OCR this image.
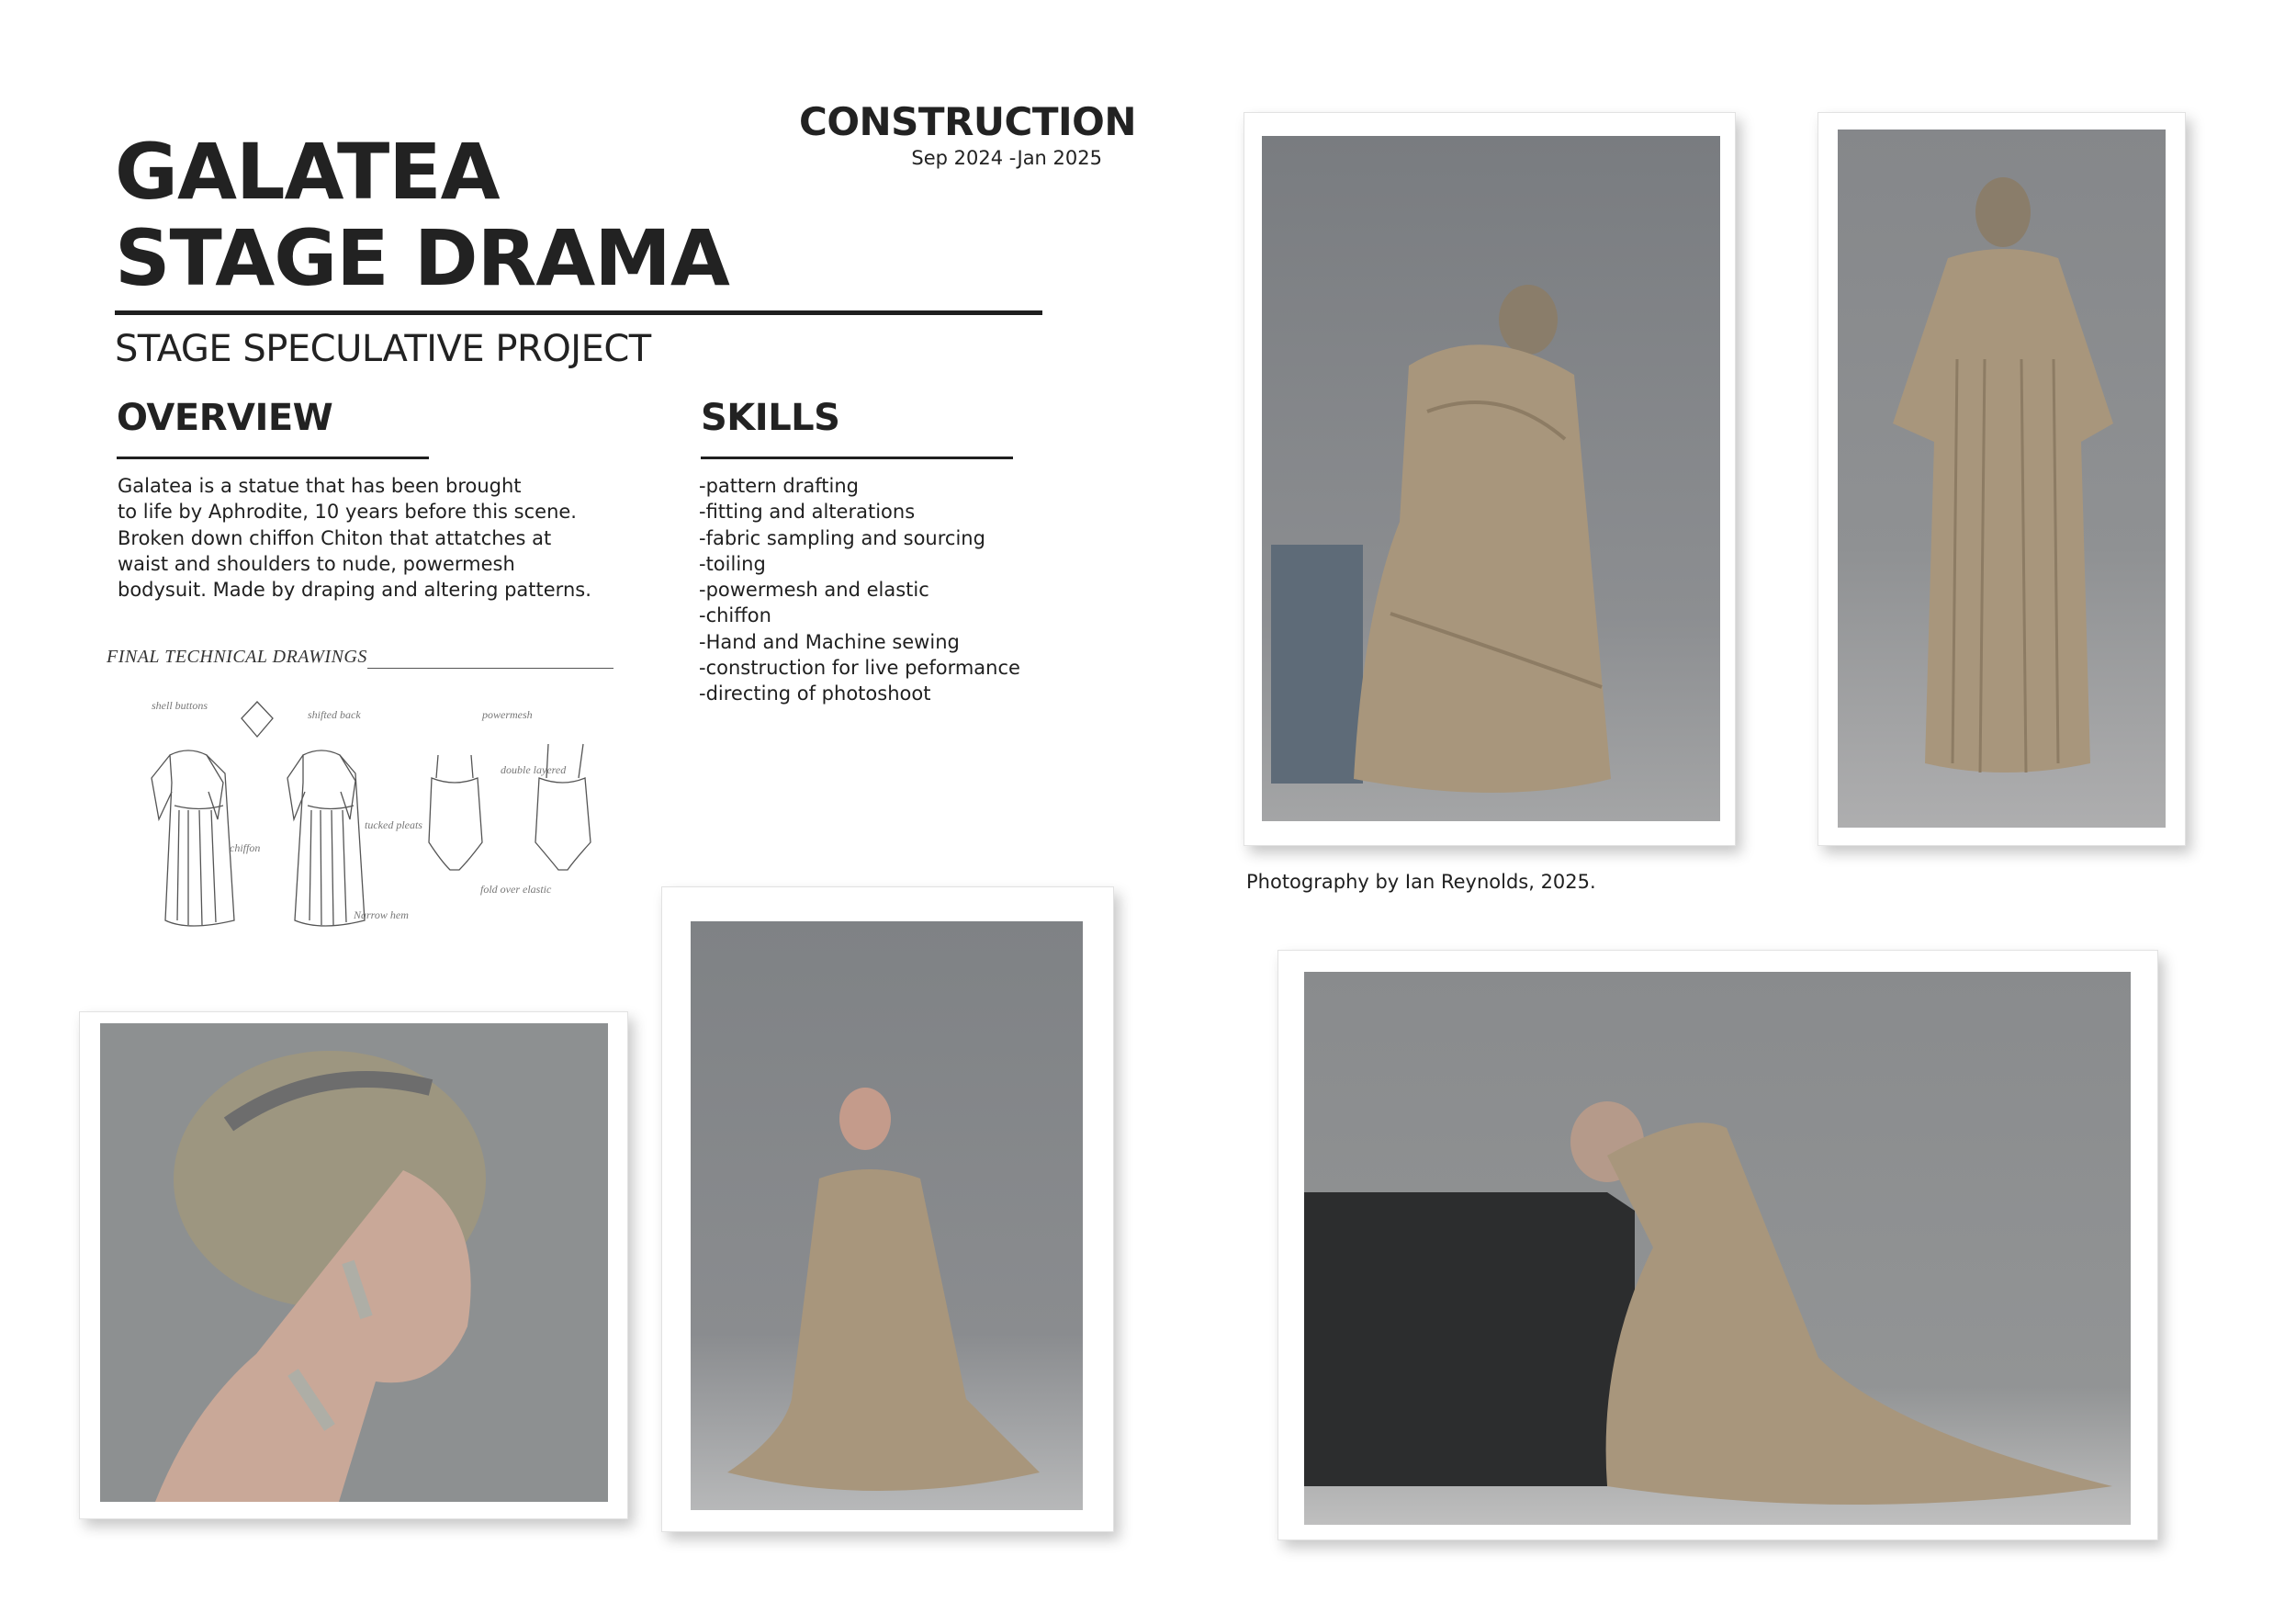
GALATEA
STAGE DRAMA
STAGE SPECULATIVE PROJECT
CONSTRUCTION
Sep 2024 -Jan 2025
OVERVIEW
Galatea is a statue that has been brought
to life by Aphrodite, 10 years before this scene.
Broken down chiffon Chiton that attatches at
waist and shoulders to nude, powermesh
bodysuit. Made by draping and altering patterns.
SKILLS
-pattern drafting
-fitting and alterations
-fabric sampling and sourcing
-toiling
-powermesh and elastic
-chiffon
-Hand and Machine sewing
-construction for live peformance
-directing of photoshoot
FINAL TECHNICAL DRAWINGS
shell buttons
shifted back
chiffon
tucked pleats
powermesh
double layered
fold over elastic
Narrow hem
Photography by Ian Reynolds, 2025.
